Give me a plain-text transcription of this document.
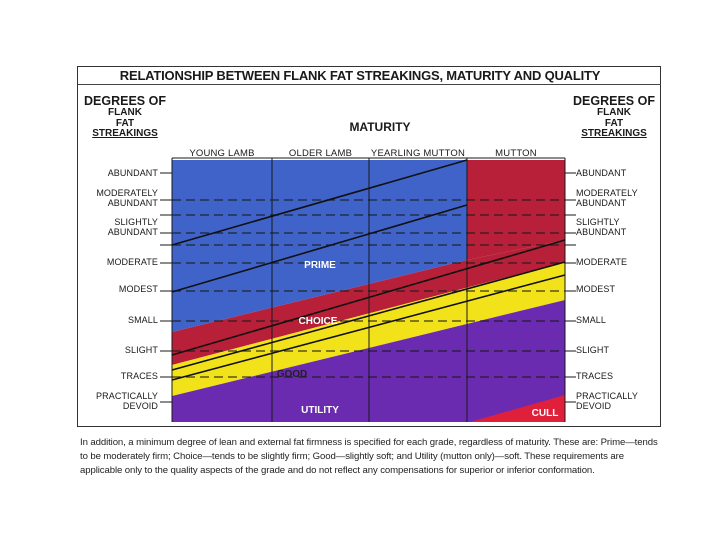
RELATIONSHIP BETWEEN FLANK FAT STREAKINGS, MATURITY AND QUALITY
DEGREES OF
FLANK
FAT
STREAKINGS
DEGREES OF
FLANK
FAT
STREAKINGS
MATURITY
YOUNG LAMB	OLDER LAMB	YEARLING MUTTON	MUTTON
ABUNDANT	ABUNDANT
MODERATELY
ABUNDANT
MODERATELY
ABUNDANT
SLIGHTLY
ABUNDANT
SLIGHTLY
ABUNDANT
MODERATE	MODERATE
MODEST	MODEST
SMALL	SMALL
SLIGHT	SLIGHT
TRACES	TRACES
PRACTICALLY
DEVOID
PRACTICALLY
DEVOID
PRIME
CHOICE
GOOD
UTILITY	CULL
In addition, a minimum degree of lean and external fat firmness is specified for each grade, regardless of maturity. These are: Prime—tends to be moderately firm; Choice—tends to be slightly firm; Good—slightly soft; and Utility (mutton only)—soft. These requirements are applicable only to the quality aspects of the grade and do not reflect any compensations for superior or inferior conformation.
